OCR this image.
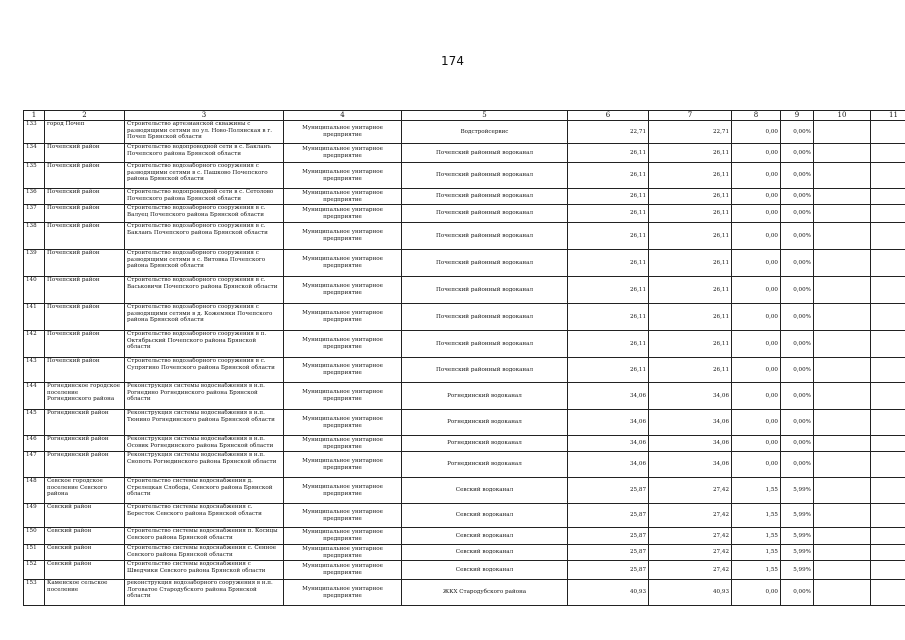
174
1	2	3	4	5	6	7	8	9	10	11
133	город Почеп	Строительство артезианской скважины с разводящими сетями по ул. Ново-Полянская в г. Почеп Брянской области	Муниципальное унитарное предприятие	Водстройсервис	22,71	22,71	0,00	0,00%		
134	Почепский район	Строительство водопроводной сети в с. Бакланъ Почепского района Брянской области	Муниципальное унитарное предприятие	Почепский районный водоканал	26,11	26,11	0,00	0,00%		
135	Почепский район	Строительство водозаборного сооружения с разводящими сетями в с. Пашково Почепского района Брянской области	Муниципальное унитарное предприятие	Почепский районный водоканал	26,11	26,11	0,00	0,00%		
136	Почепский район	Строительство водопроводной сети в с. Сетолово Почепского района Брянской области	Муниципальное унитарное предприятие	Почепский районный водоканал	26,11	26,11	0,00	0,00%		
137	Почепский район	Строительство водозаборного сооружения в с. Валуец Почепского района Брянской области	Муниципальное унитарное предприятие	Почепский районный водоканал	26,11	26,11	0,00	0,00%		
138	Почепский район	Строительство водозаборного сооружения в с. Бакланъ Почепского района Брянской области	Муниципальное унитарное предприятие	Почепский районный водоканал	26,11	26,11	0,00	0,00%		
139	Почепский район	Строительство водозаборного сооружения с разводящими сетями в с. Витовка Почепского района Брянской области	Муниципальное унитарное предприятие	Почепский районный водоканал	26,11	26,11	0,00	0,00%		
140	Почепский район	Строительство водозаборного сооружения в с. Васьковичи Почепского района Брянской области	Муниципальное унитарное предприятие	Почепский районный водоканал	26,11	26,11	0,00	0,00%		
141	Почепский район	Строительство водозаборного сооружения с разводящими сетями в д. Кожемяки Почепского района Брянской области	Муниципальное унитарное предприятие	Почепский районный водоканал	26,11	26,11	0,00	0,00%		
142	Почепский район	Строительство водозаборного сооружения в п. Октябрьский Почепского района Брянской области	Муниципальное унитарное предприятие	Почепский районный водоканал	26,11	26,11	0,00	0,00%		
143	Почепский район	Строительство водозаборного сооружения в с. Супрягино Почепского района Брянской области	Муниципальное унитарное предприятие	Почепский районный водоканал	26,11	26,11	0,00	0,00%		
144	Рогнединское городское поселение Рогнединского района	Реконструкция системы водоснабжения в н.п. Рогнедино Рогнединского района Брянской области	Муниципальное унитарное предприятие	Рогнединский водоканал	34,06	34,06	0,00	0,00%		
145	Рогнединский район	Реконструкция системы водоснабжения в н.п. Тюнино Рогнединского района Брянской области	Муниципальное унитарное предприятие	Рогнединский водоканал	34,06	34,06	0,00	0,00%		
146	Рогнединский район	Реконструкция системы водоснабжения в н.п. Осовик Рогнединского района Брянской области	Муниципальное унитарное предприятие	Рогнединский водоканал	34,06	34,06	0,00	0,00%		
147	Рогнединский район	Реконструкция системы водоснабжения в н.п. Снопоть Рогнединского района Брянской области	Муниципальное унитарное предприятие	Рогнединский водоканал	34,06	34,06	0,00	0,00%		
148	Севское городское поселение Севского района	Строительство системы водоснабжения д. Стрелецкая Слобода, Севского района Брянской области	Муниципальное унитарное предприятие	Севский водоканал	25,87	27,42	1,55	5,99%		
149	Севский район	Строительство системы водоснабжения с. Бересток Севского района Брянской области	Муниципальное унитарное предприятие	Севский водоканал	25,87	27,42	1,55	5,99%		
150	Севский район	Строительство системы водоснабжения п. Косицы Севского района Брянской области	Муниципальное унитарное предприятие	Севский водоканал	25,87	27,42	1,55	5,99%		
151	Севский район	Строительство системы водоснабжения с. Сенное Севского района Брянской области	Муниципальное унитарное предприятие	Севский водоканал	25,87	27,42	1,55	5,99%		
152	Севский район	Строительство системы водоснабжения с Шведчики Севского района Брянской области	Муниципальное унитарное предприятие	Севский водоканал	25,87	27,42	1,55	5,99%		
153	Каменское сельское поселение	реконструкция водозаборного сооружения в н.п. Логоватое Стародубского района Брянской области	Муниципальное унитарное предприятие	ЖКХ Стародубского района	40,93	40,93	0,00	0,00%		
